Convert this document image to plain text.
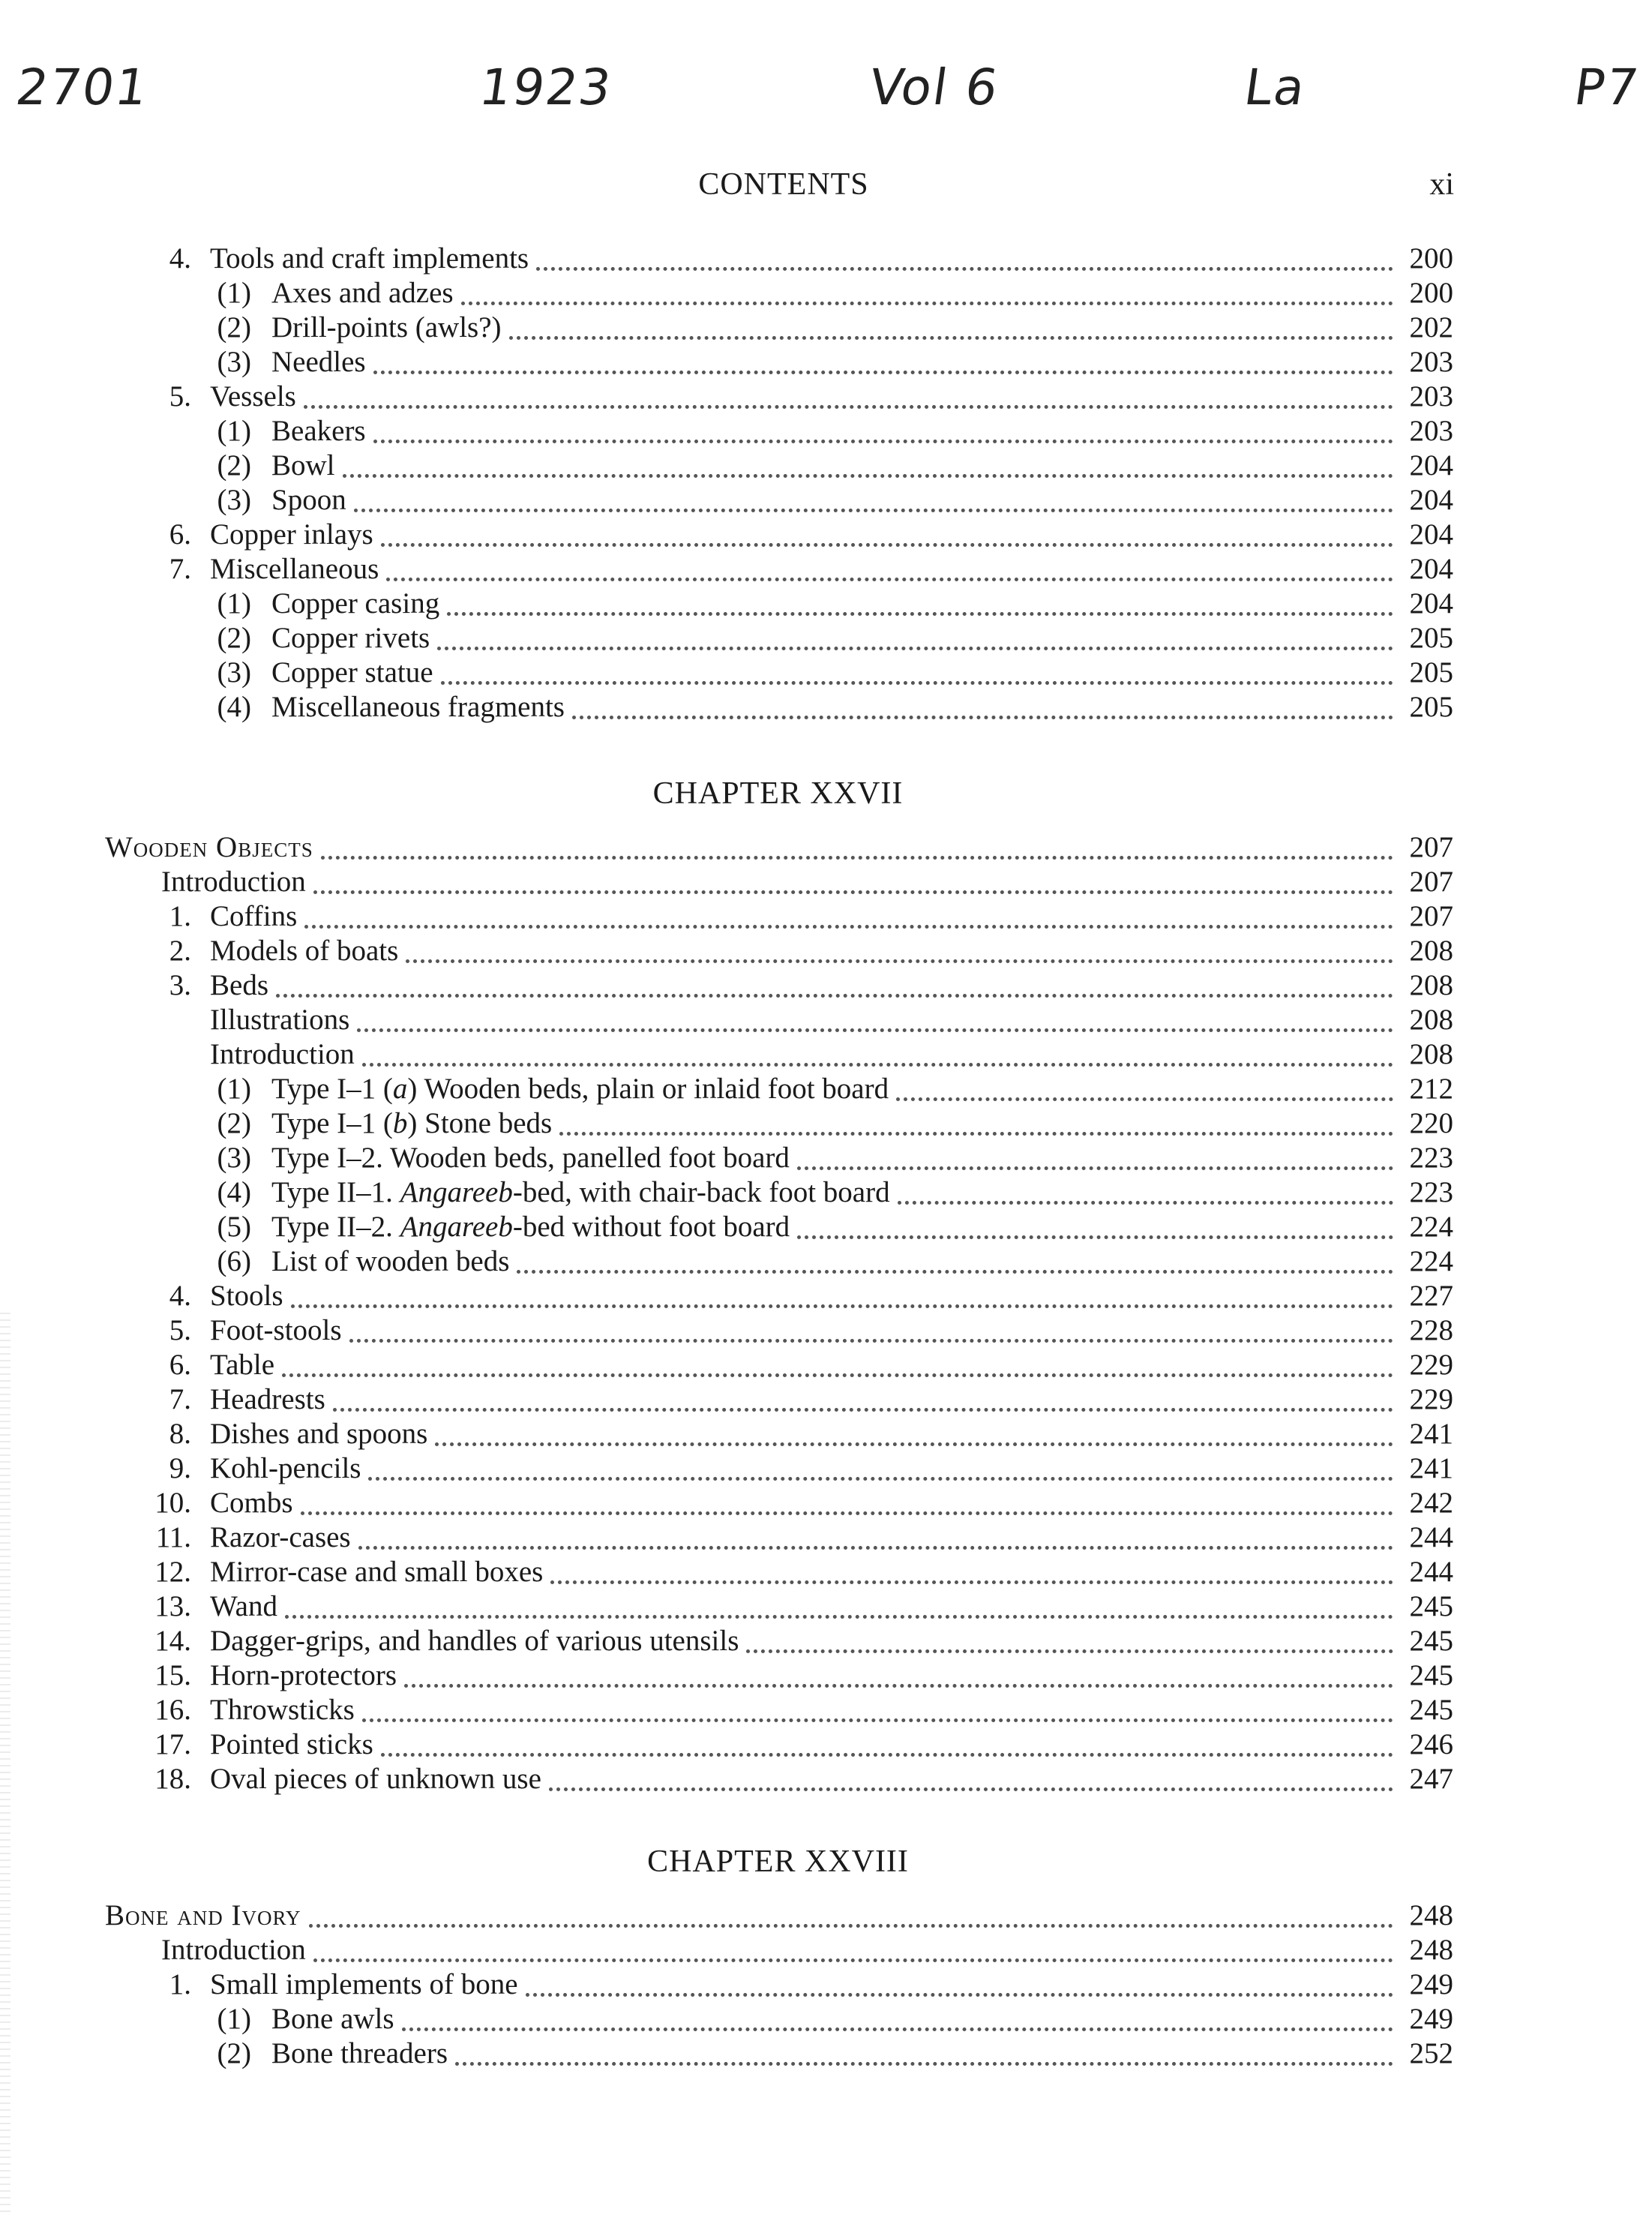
2701	1923	Vol 6	La	P7
CONTENTS	xi
4. Tools and craft implements	200
(1) Axes and adzes	200
(2) Drill-points (awls?)	202
(3) Needles	203
5. Vessels	203
(1) Beakers	203
(2) Bowl	204
(3) Spoon	204
6. Copper inlays	204
7. Miscellaneous	204
(1) Copper casing	204
(2) Copper rivets	205
(3) Copper statue	205
(4) Miscellaneous fragments	205
CHAPTER XXVII
Wooden Objects	207
Introduction	207
1. Coffins	207
2. Models of boats	208
3. Beds	208
Illustrations	208
Introduction	208
(1) Type I–1 (a) Wooden beds, plain or inlaid foot board	212
(2) Type I–1 (b) Stone beds	220
(3) Type I–2. Wooden beds, panelled foot board	223
(4) Type II–1. Angareeb-bed, with chair-back foot board	223
(5) Type II–2. Angareeb-bed without foot board	224
(6) List of wooden beds	224
4. Stools	227
5. Foot-stools	228
6. Table	229
7. Headrests	229
8. Dishes and spoons	241
9. Kohl-pencils	241
10. Combs	242
11. Razor-cases	244
12. Mirror-case and small boxes	244
13. Wand	245
14. Dagger-grips, and handles of various utensils	245
15. Horn-protectors	245
16. Throwsticks	245
17. Pointed sticks	246
18. Oval pieces of unknown use	247
CHAPTER XXVIII
Bone and Ivory	248
Introduction	248
1. Small implements of bone	249
(1) Bone awls	249
(2) Bone threaders	252
